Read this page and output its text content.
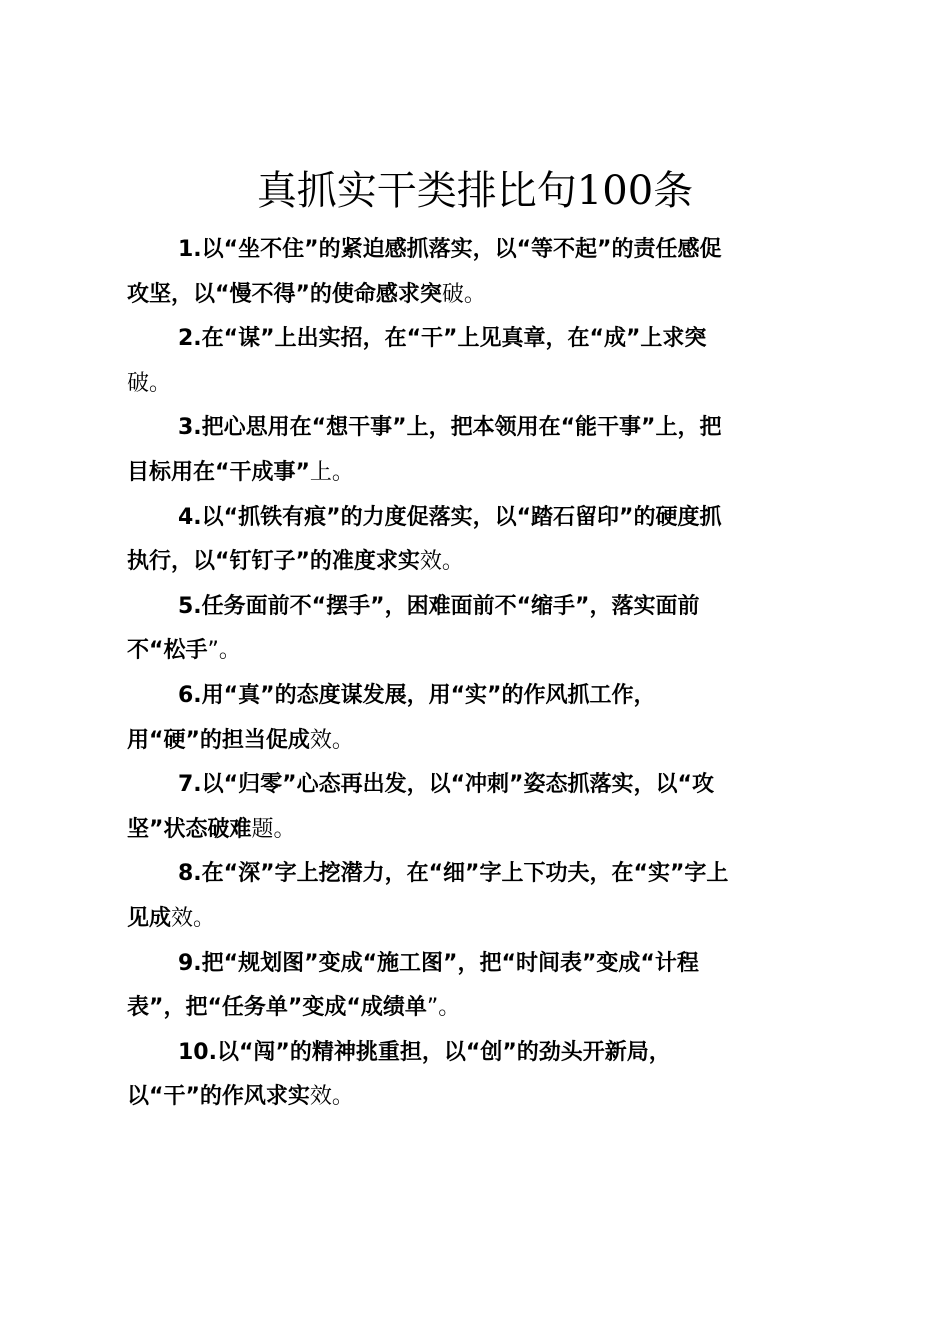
真抓实干类排比句100条

1.以“坐不住”的紧迫感抓落实，以“等不起”的责任感促
攻坚，以“慢不得”的使命感求突破。

2.在“谋”上出实招，在“干”上见真章，在“成”上求突
破。

3.把心思用在“想干事”上，把本领用在“能干事”上，把
目标用在“干成事”上。

4.以“抓铁有痕”的力度促落实，以“踏石留印”的硬度抓
执行，以“钉钉子”的准度求实效。

5.任务面前不“摆手”，困难面前不“缩手”，落实面前
不“松手”。

6.用“真”的态度谋发展，用“实”的作风抓工作，
用“硬”的担当促成效。

7.以“归零”心态再出发，以“冲刺”姿态抓落实，以“攻
坚”状态破难题。

8.在“深”字上挖潜力，在“细”字上下功夫，在“实”字上
见成效。

9.把“规划图”变成“施工图”，把“时间表”变成“计程
表”，把“任务单”变成“成绩单”。

10.以“闯”的精神挑重担，以“创”的劲头开新局，
以“干”的作风求实效。
